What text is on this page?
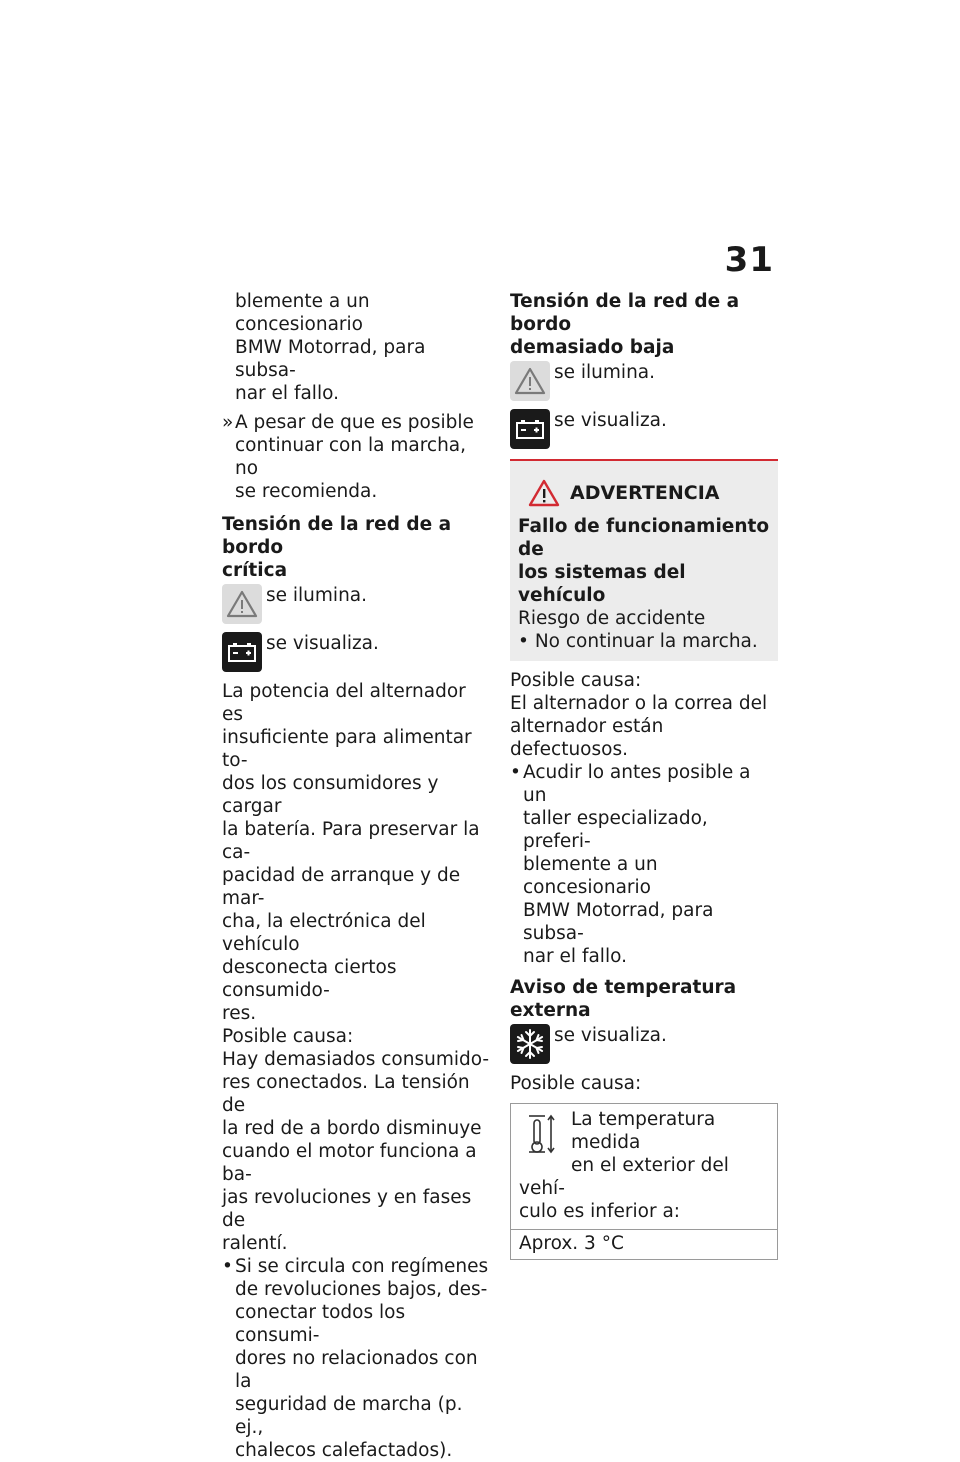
31

blemente a un concesionario

BMW Motorrad, para subsa-

nar el fallo.

» A pesar de que es posible

continuar con la marcha, no

se recomienda.

Tensión de la red de a bordo

crítica

se ilumina.
se visualiza.

La potencia del alternador es

insuficiente para alimentar to-

dos los consumidores y cargar

la batería. Para preservar la ca-

pacidad de arranque y de mar-

cha, la electrónica del vehículo

desconecta ciertos consumido-

res.

Posible causa:

Hay demasiados consumido-

res conectados. La tensión de

la red de a bordo disminuye

cuando el motor funciona a ba-

jas revoluciones y en fases de

ralentí.

• Si se circula con regímenes

de revoluciones bajos, des-

conectar todos los consumi-

dores no relacionados con la

seguridad de marcha (p. ej.,

chalecos calefactados).

Tensión de la red de a bordo

demasiado baja

se ilumina.
se visualiza.
ADVERTENCIA

Fallo de funcionamiento de

los sistemas del vehículo

Riesgo de accidente

• No continuar la marcha.

Posible causa:

El alternador o la correa del

alternador están defectuosos.

• Acudir lo antes posible a un

taller especializado, preferi-

blemente a un concesionario

BMW Motorrad, para subsa-

nar el fallo.

Aviso de temperatura externa

se visualiza.

Posible causa:

La temperatura medida

en el exterior del vehí-

culo es inferior a:

Aprox. 3 °C
